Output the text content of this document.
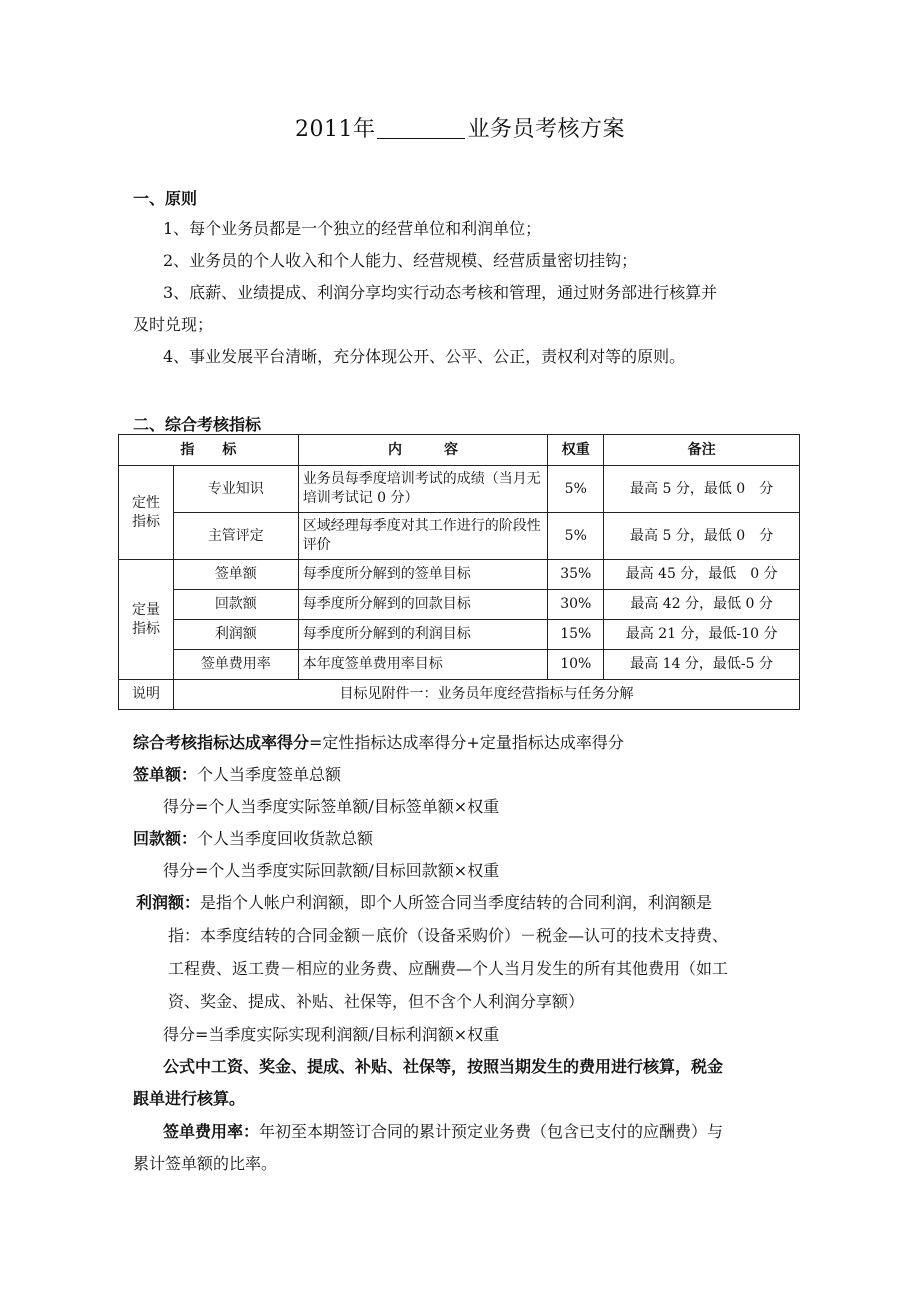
2011年	业务员考核方案
一、原则
1、每个业务员都是一个独立的经营单位和利润单位；
2、业务员的个人收入和个人能力、经营规模、经营质量密切挂钩；
3、底薪、业绩提成、利润分享均实行动态考核和管理，通过财务部进行核算并
及时兑现；
4、事业发展平台清晰，充分体现公开、公平、公正，责权利对等的原则。
二、综合考核指标
指　　标		内　　　容	权重	备注
定性
指标	专业知识	业务员每季度培训考试的成绩（当月无培训考试记 0 分）	5%	最高 5 分，最低 0　分
	主管评定	区域经理每季度对其工作进行的阶段性评价	5%	最高 5 分，最低 0　分
定量
指标	签单额	每季度所分解到的签单目标	35%	最高 45 分，最低　0 分
	回款额	每季度所分解到的回款目标	30%	最高 42 分，最低 0 分
	利润额	每季度所分解到的利润目标	15%	最高 21 分，最低-10 分
	签单费用率	本年度签单费用率目标	10%	最高 14 分，最低-5 分
说明	目标见附件一：业务员年度经营指标与任务分解			
综合考核指标达成率得分=定性指标达成率得分+定量指标达成率得分
签单额：个人当季度签单总额
得分=个人当季度实际签单额/目标签单额×权重
回款额：个人当季度回收货款总额
得分=个人当季度实际回款额/目标回款额×权重
利润额：是指个人帐户利润额，即个人所签合同当季度结转的合同利润，利润额是
指：本季度结转的合同金额－底价（设备采购价）－税金—认可的技术支持费、
工程费、返工费－相应的业务费、应酬费—个人当月发生的所有其他费用（如工
资、奖金、提成、补贴、社保等，但不含个人利润分享额）
得分=当季度实际实现利润额/目标利润额×权重
公式中工资、奖金、提成、补贴、社保等，按照当期发生的费用进行核算，税金
跟单进行核算。
签单费用率：年初至本期签订合同的累计预定业务费（包含已支付的应酬费）与
累计签单额的比率。
